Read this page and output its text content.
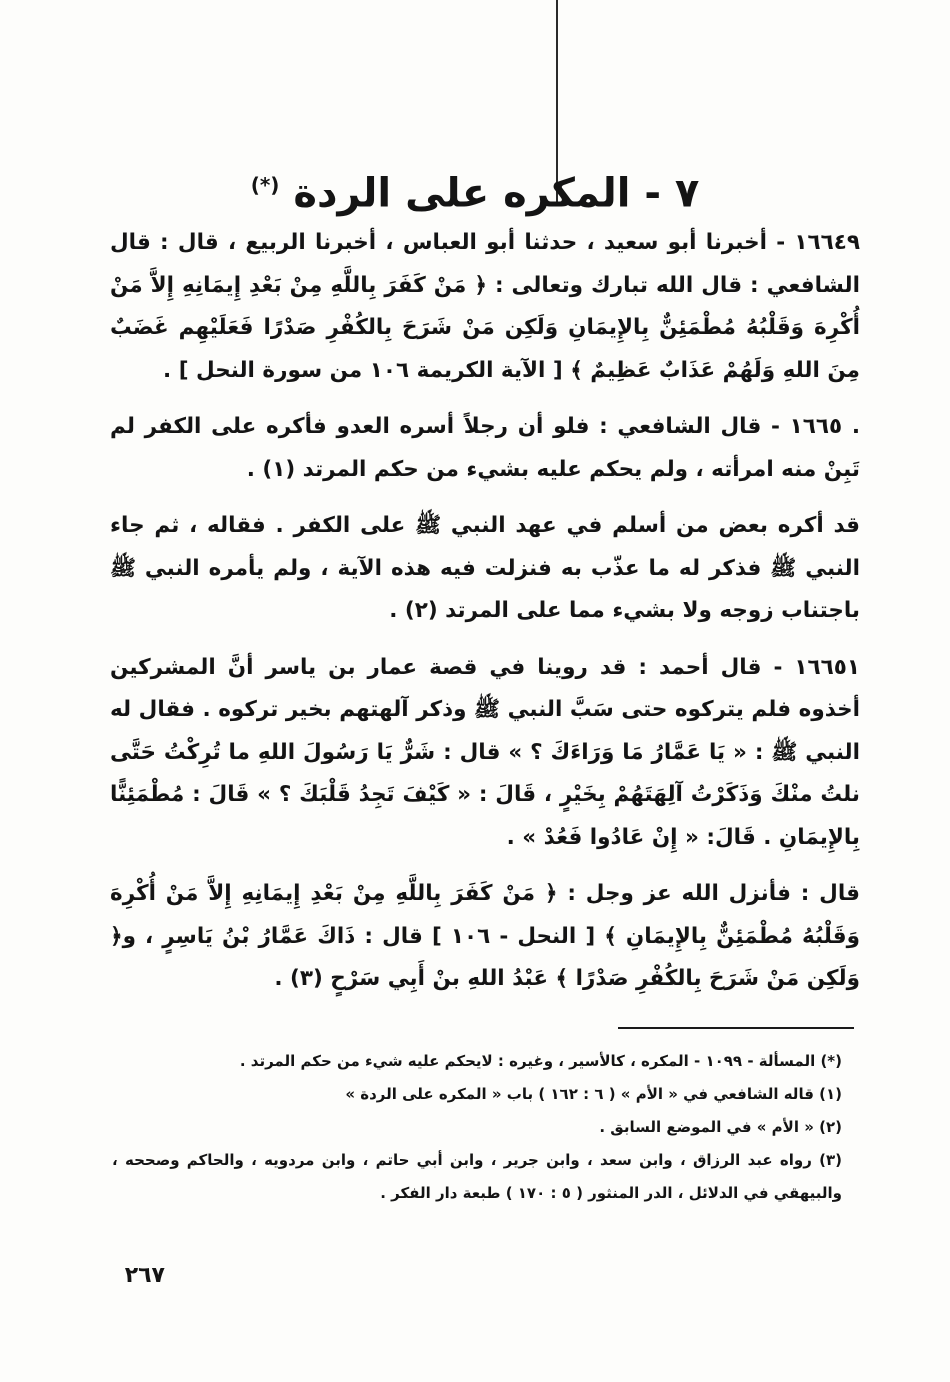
٧ - المكره على الردة (*)

١٦٦٤٩ - أخبرنا أبو سعيد ، حدثنا أبو العباس ، أخبرنا الربيع ، قال : قال الشافعي : قال الله تبارك وتعالى : ﴿ مَنْ كَفَرَ بِاللَّهِ مِنْ بَعْدِ إِيمَانِهِ إِلاَّ مَنْ أُكْرِهَ وَقَلْبُهُ مُطْمَئِنٌّ بِالإِيمَانِ وَلَكِن مَنْ شَرَحَ بِالكُفْرِ صَدْرًا فَعَلَيْهِم غَضَبٌ مِنَ اللهِ وَلَهُمْ عَذَابٌ عَظِيمٌ ﴾ [ الآية الكريمة ١٠٦ من سورة النحل ] .

. ١٦٦٥ - قال الشافعي : فلو أن رجلاً أسره العدو فأكره على الكفر لم تَبِنْ منه امرأته ، ولم يحكم عليه بشيء من حكم المرتد (١) .

قد أكره بعض من أسلم في عهد النبي ﷺ على الكفر . فقاله ، ثم جاء النبي ﷺ فذكر له ما عذّب به فنزلت فيه هذه الآية ، ولم يأمره النبي ﷺ باجتناب زوجه ولا بشيء مما على المرتد (٢) .

١٦٦٥١ - قال أحمد : قد روينا في قصة عمار بن ياسر أنَّ المشركين أخذوه فلم يتركوه حتى سَبَّ النبي ﷺ وذكر آلهتهم بخير تركوه . فقال له النبي ﷺ : « يَا عَمَّارُ مَا وَرَاءَكَ ؟ » قال : شَرٌّ يَا رَسُولَ اللهِ ما تُرِكْتُ حَتَّى نلتُ منْكَ وَذَكَرْتُ آلِهَتَهُمْ بِخَيْرٍ ، قَالَ : « كَيْفَ تَجِدُ قَلْبَكَ ؟ » قَالَ : مُطْمَئِنًّا بِالإِيمَانِ . قَالَ: « إِنْ عَادُوا فَعُدْ » .

قال : فأنزل الله عز وجل : ﴿ مَنْ كَفَرَ بِاللَّهِ مِنْ بَعْدِ إِيمَانِهِ إِلاَّ مَنْ أُكْرِهَ وَقَلْبُهُ مُطْمَئِنٌّ بِالإِيمَانِ ﴾ [ النحل - ١٠٦ ] قال : ذَاكَ عَمَّارُ بْنُ يَاسِرٍ ، و﴿ وَلَكِن مَنْ شَرَحَ بِالكُفْرِ صَدْرًا ﴾ عَبْدُ اللهِ بنْ أَبِي سَرْحٍ (٣) .

(*) المسألة - ١٠٩٩ - المكره ، كالأسير ، وغيره : لايحكم عليه شيء من حكم المرتد .

(١) قاله الشافعي في « الأم » ( ٦ : ١٦٢ ) باب « المكره على الردة »

(٢) « الأم » في الموضع السابق .

(٣) رواه عبد الرزاق ، وابن سعد ، وابن جرير ، وابن أبي حاتم ، وابن مردويه ، والحاكم وصححه ، والبيهقي في الدلائل ، الدر المنثور ( ٥ : ١٧٠ ) طبعة دار الفكر .

٢٦٧
